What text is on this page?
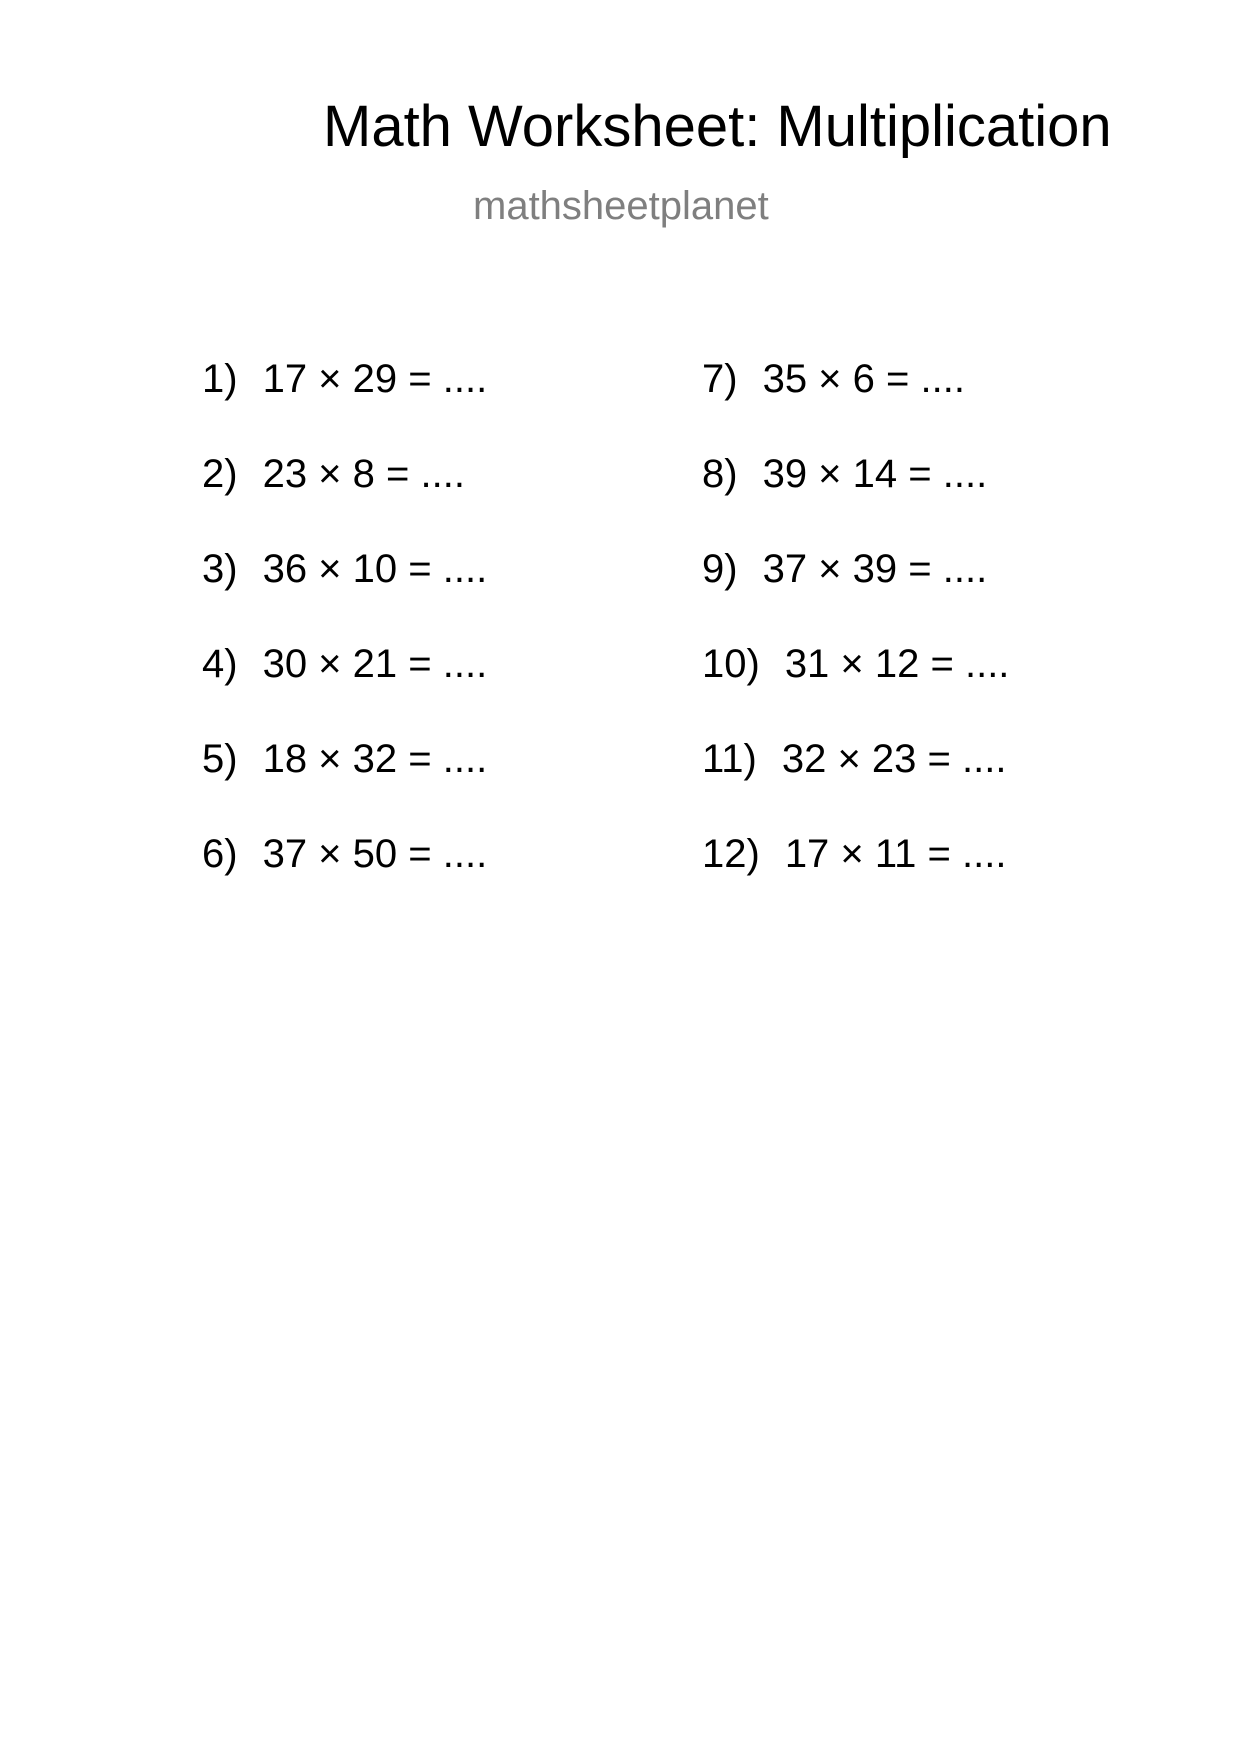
Math Worksheet: Multiplication
mathsheetplanet
1) 17 × 29 = ....
2) 23 × 8 = ....
3) 36 × 10 = ....
4) 30 × 21 = ....
5) 18 × 32 = ....
6) 37 × 50 = ....
7) 35 × 6 = ....
8) 39 × 14 = ....
9) 37 × 39 = ....
10) 31 × 12 = ....
11) 32 × 23 = ....
12) 17 × 11 = ....
